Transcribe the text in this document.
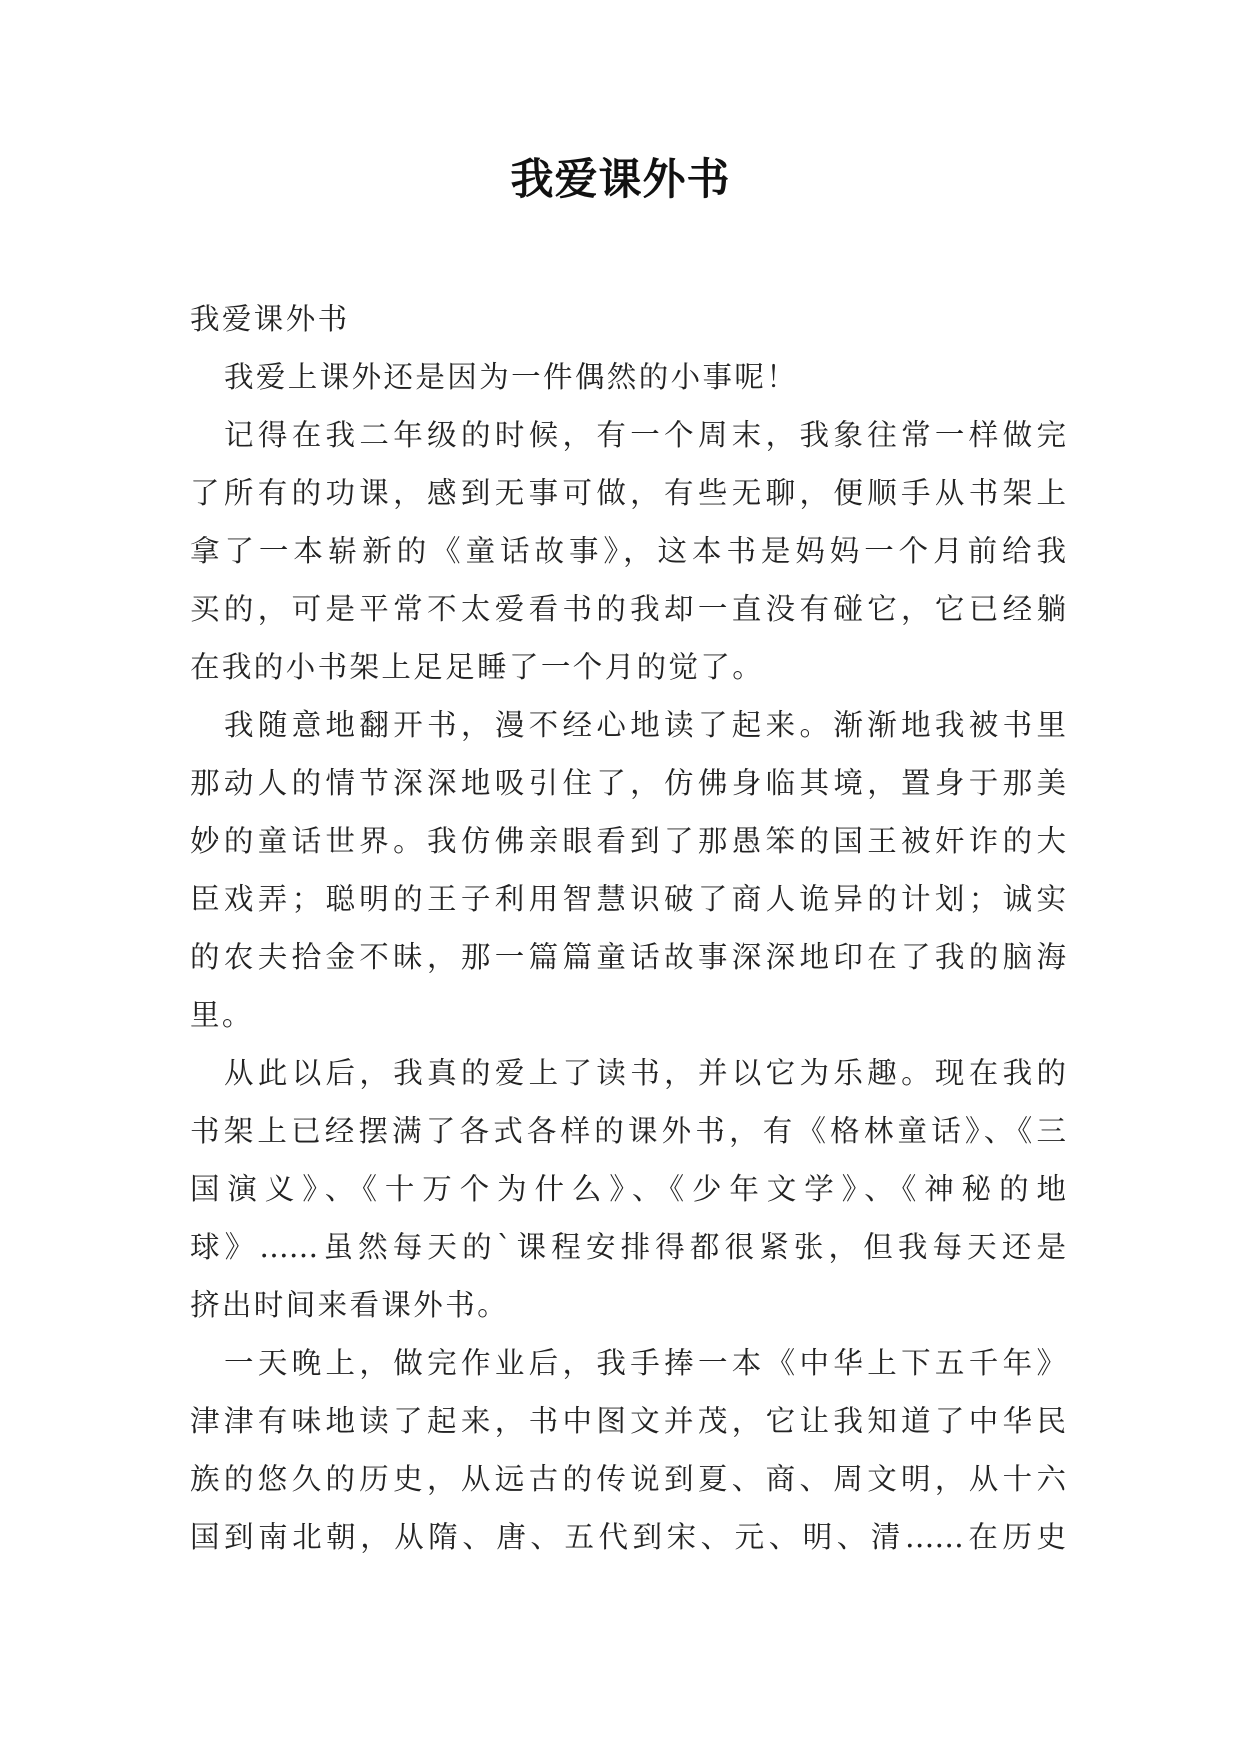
我爱课外书
我爱课外书
我爱上课外还是因为一件偶然的小事呢！
记得在我二年级的时候，有一个周末，我象往常一样做完
了所有的功课，感到无事可做，有些无聊，便顺手从书架上
拿了一本崭新的《童话故事》，这本书是妈妈一个月前给我
买的，可是平常不太爱看书的我却一直没有碰它，它已经躺
在我的小书架上足足睡了一个月的觉了。
我随意地翻开书，漫不经心地读了起来。渐渐地我被书里
那动人的情节深深地吸引住了，仿佛身临其境，置身于那美
妙的童话世界。我仿佛亲眼看到了那愚笨的国王被奸诈的大
臣戏弄；聪明的王子利用智慧识破了商人诡异的计划；诚实
的农夫拾金不昧，那一篇篇童话故事深深地印在了我的脑海
里。
从此以后，我真的爱上了读书，并以它为乐趣。现在我的
书架上已经摆满了各式各样的课外书，有《格林童话》、《三
国演义》、《十万个为什么》、《少年文学》、《神秘的地
球》……虽然每天的`课程安排得都很紧张，但我每天还是
挤出时间来看课外书。
一天晚上，做完作业后，我手捧一本《中华上下五千年》
津津有味地读了起来，书中图文并茂，它让我知道了中华民
族的悠久的历史，从远古的传说到夏、商、周文明，从十六
国到南北朝，从隋、唐、五代到宋、元、明、清……在历史
